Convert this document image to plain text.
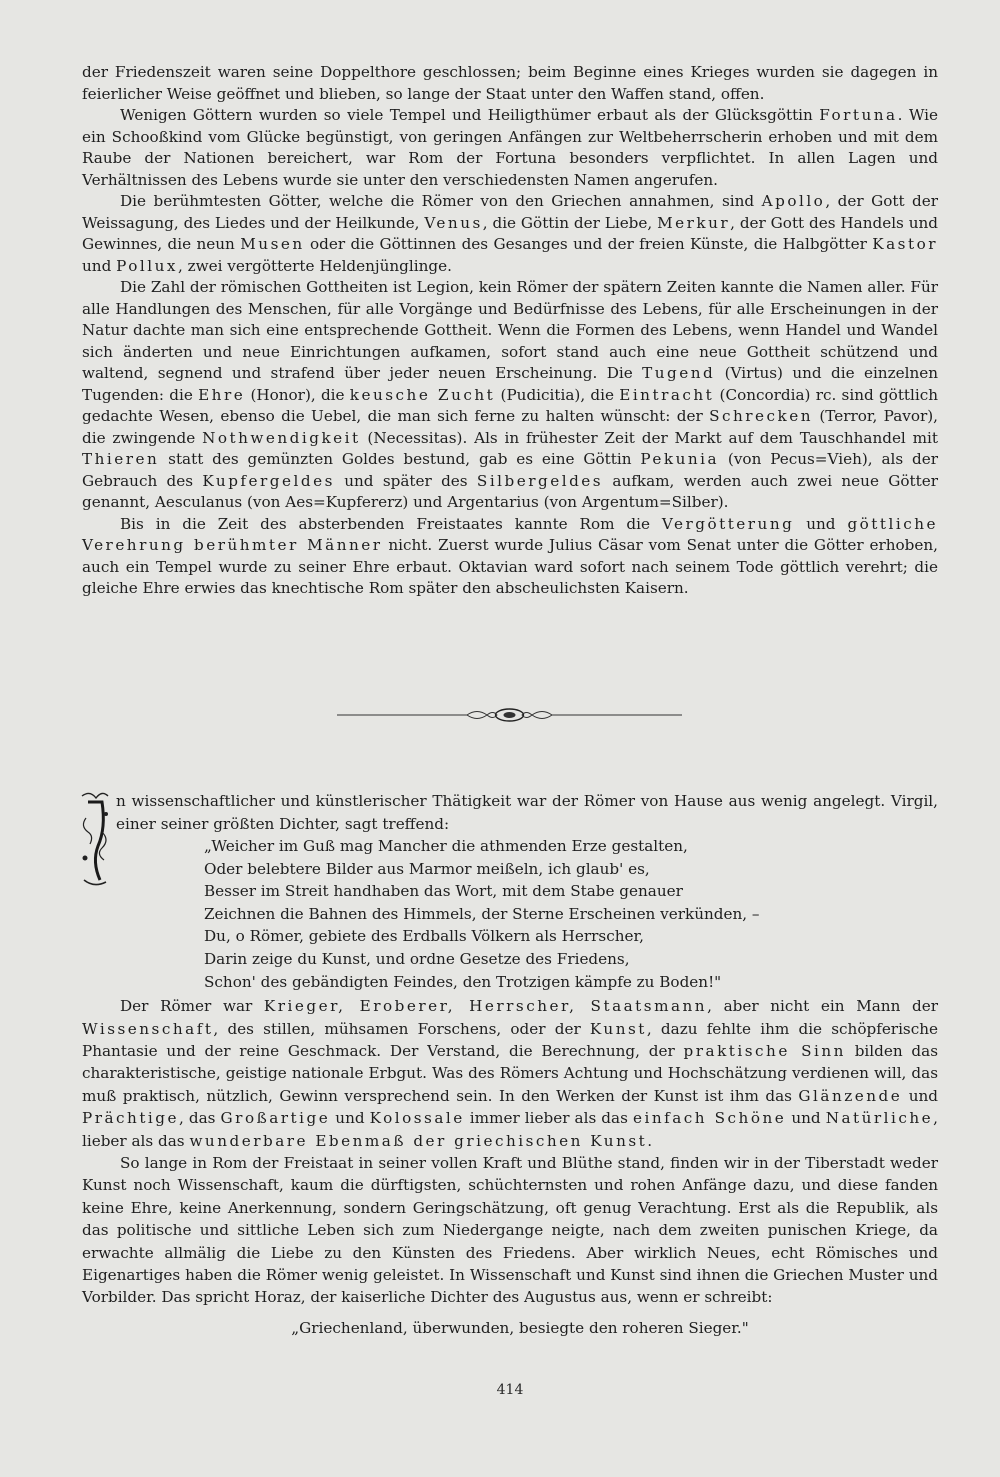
der Friedenszeit waren seine Doppelthore geschlossen; beim Beginne eines Krieges wurden sie dagegen in feierlicher Weise geöffnet und blieben, so lange der Staat unter den Waffen stand, offen.

Wenigen Göttern wurden so viele Tempel und Heiligthümer erbaut als der Glücksgöttin Fortuna. Wie ein Schooßkind vom Glücke begünstigt, von geringen Anfängen zur Weltbeherrscherin erhoben und mit dem Raube der Nationen bereichert, war Rom der Fortuna besonders verpflichtet. In allen Lagen und Verhältnissen des Lebens wurde sie unter den verschiedensten Namen angerufen.

Die berühmtesten Götter, welche die Römer von den Griechen annahmen, sind Apollo, der Gott der Weissagung, des Liedes und der Heilkunde, Venus, die Göttin der Liebe, Merkur, der Gott des Handels und Gewinnes, die neun Musen oder die Göttinnen des Gesanges und der freien Künste, die Halbgötter Kastor und Pollux, zwei vergötterte Heldenjünglinge.

Die Zahl der römischen Gottheiten ist Legion, kein Römer der spätern Zeiten kannte die Namen aller. Für alle Handlungen des Menschen, für alle Vorgänge und Bedürfnisse des Lebens, für alle Erscheinungen in der Natur dachte man sich eine entsprechende Gottheit. Wenn die Formen des Lebens, wenn Handel und Wandel sich änderten und neue Einrichtungen aufkamen, sofort stand auch eine neue Gottheit schützend und waltend, segnend und strafend über jeder neuen Erscheinung. Die Tugend (Virtus) und die einzelnen Tugenden: die Ehre (Honor), die keusche Zucht (Pudicitia), die Eintracht (Concordia) rc. sind göttlich gedachte Wesen, ebenso die Uebel, die man sich ferne zu halten wünscht: der Schrecken (Terror, Pavor), die zwingende Nothwendigkeit (Necessitas). Als in frühester Zeit der Markt auf dem Tauschhandel mit Thieren statt des gemünzten Goldes bestund, gab es eine Göttin Pekunia (von Pecus=Vieh), als der Gebrauch des Kupfergeldes und später des Silbergeldes aufkam, werden auch zwei neue Götter genannt, Aesculanus (von Aes=Kupfererz) und Argentarius (von Argentum=Silber).

Bis in die Zeit des absterbenden Freistaates kannte Rom die Vergötterung und göttliche Verehrung berühmter Männer nicht. Zuerst wurde Julius Cäsar vom Senat unter die Götter erhoben, auch ein Tempel wurde zu seiner Ehre erbaut. Oktavian ward sofort nach seinem Tode göttlich verehrt; die gleiche Ehre erwies das knechtische Rom später den abscheulichsten Kaisern.

n wissenschaftlicher und künstlerischer Thätigkeit war der Römer von Hause aus wenig angelegt. Virgil, einer seiner größten Dichter, sagt treffend:

„Weicher im Guß mag Mancher die athmenden Erze gestalten,
Oder belebtere Bilder aus Marmor meißeln, ich glaub' es,
Besser im Streit handhaben das Wort, mit dem Stabe genauer
Zeichnen die Bahnen des Himmels, der Sterne Erscheinen verkünden, –
Du, o Römer, gebiete des Erdballs Völkern als Herrscher,
Darin zeige du Kunst, und ordne Gesetze des Friedens,
Schon' des gebändigten Feindes, den Trotzigen kämpfe zu Boden!"

Der Römer war Krieger, Eroberer, Herrscher, Staatsmann, aber nicht ein Mann der Wissenschaft, des stillen, mühsamen Forschens, oder der Kunst, dazu fehlte ihm die schöpferische Phantasie und der reine Geschmack. Der Verstand, die Berechnung, der praktische Sinn bilden das charakteristische, geistige nationale Erbgut. Was des Römers Achtung und Hochschätzung verdienen will, das muß praktisch, nützlich, Gewinn versprechend sein. In den Werken der Kunst ist ihm das Glänzende und Prächtige, das Großartige und Kolossale immer lieber als das einfach Schöne und Natürliche, lieber als das wunderbare Ebenmaß der griechischen Kunst.

So lange in Rom der Freistaat in seiner vollen Kraft und Blüthe stand, finden wir in der Tiberstadt weder Kunst noch Wissenschaft, kaum die dürftigsten, schüchternsten und rohen Anfänge dazu, und diese fanden keine Ehre, keine Anerkennung, sondern Geringschätzung, oft genug Verachtung. Erst als die Republik, als das politische und sittliche Leben sich zum Niedergange neigte, nach dem zweiten punischen Kriege, da erwachte allmälig die Liebe zu den Künsten des Friedens. Aber wirklich Neues, echt Römisches und Eigenartiges haben die Römer wenig geleistet. In Wissenschaft und Kunst sind ihnen die Griechen Muster und Vorbilder. Das spricht Horaz, der kaiserliche Dichter des Augustus aus, wenn er schreibt:

„Griechenland, überwunden, besiegte den roheren Sieger."

414
